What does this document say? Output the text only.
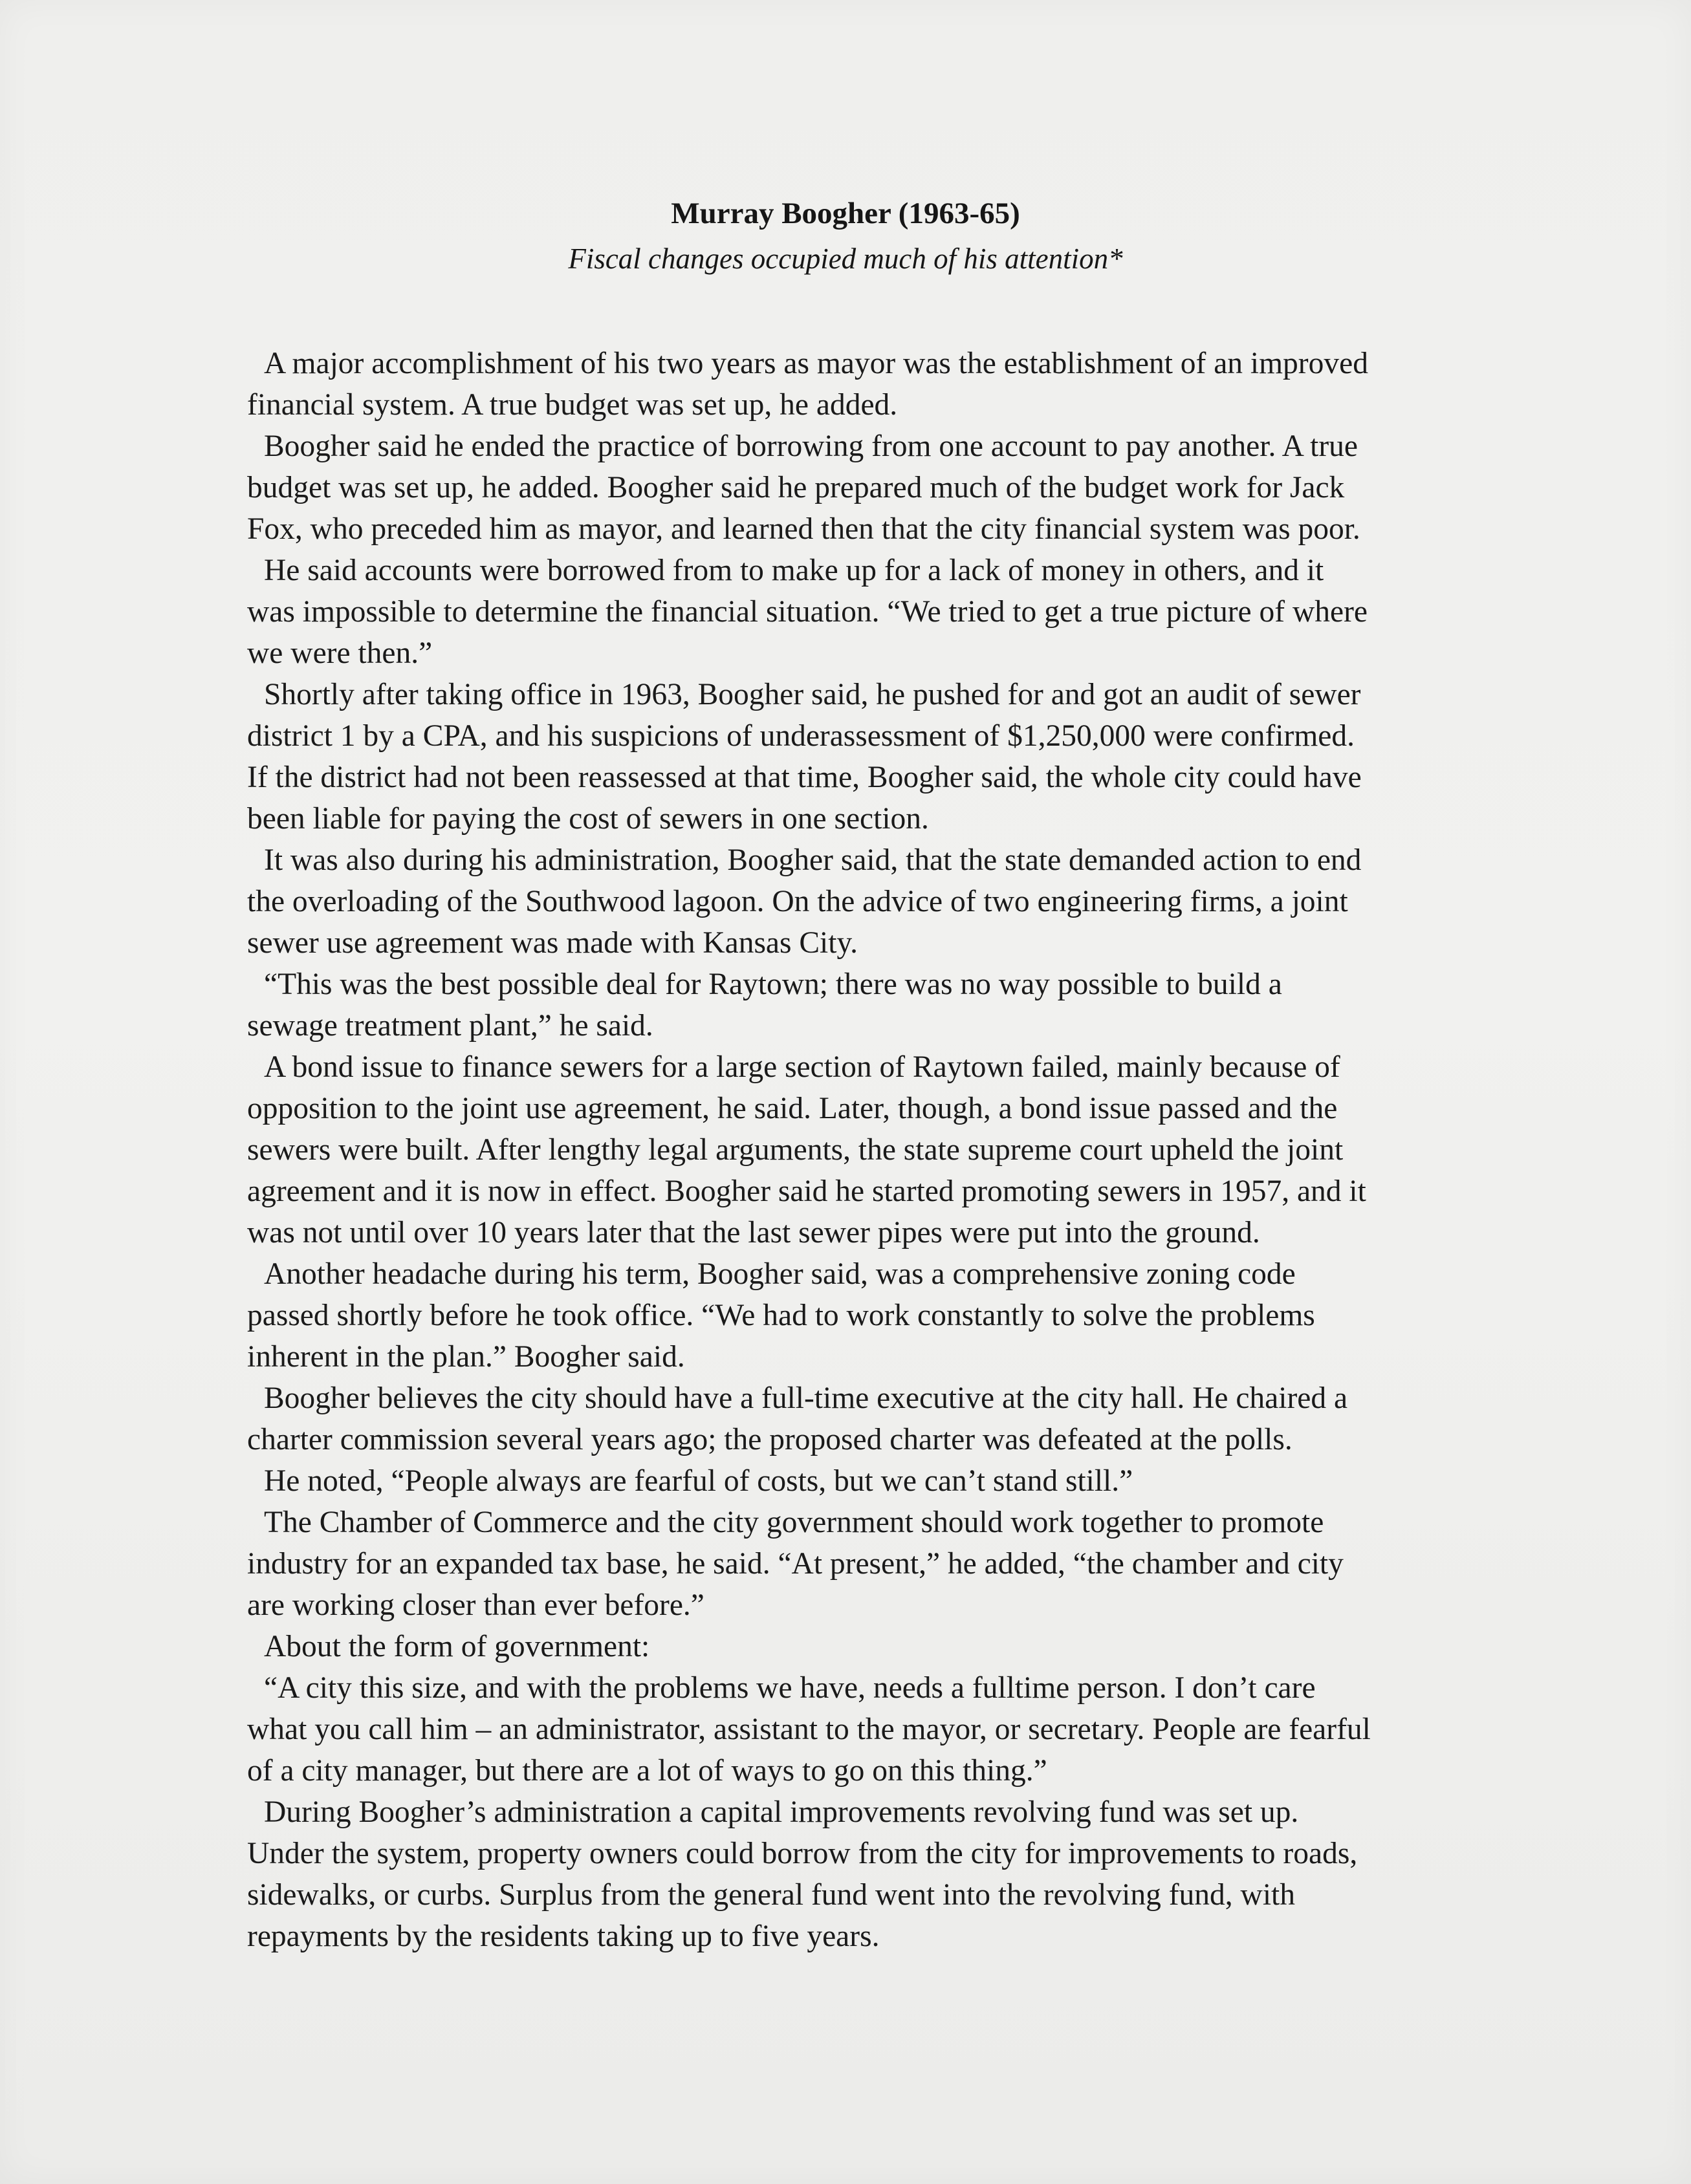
Murray Boogher (1963-65)
Fiscal changes occupied much of his attention*
A major accomplishment of his two years as mayor was the establishment of an improved
financial system. A true budget was set up, he added.
Boogher said he ended the practice of borrowing from one account to pay another. A true
budget was set up, he added. Boogher said he prepared much of the budget work for Jack
Fox, who preceded him as mayor, and learned then that the city financial system was poor.
He said accounts were borrowed from to make up for a lack of money in others, and it
was impossible to determine the financial situation. “We tried to get a true picture of where
we were then.”
Shortly after taking office in 1963, Boogher said, he pushed for and got an audit of sewer
district 1 by a CPA, and his suspicions of underassessment of $1,250,000 were confirmed.
If the district had not been reassessed at that time, Boogher said, the whole city could have
been liable for paying the cost of sewers in one section.
It was also during his administration, Boogher said, that the state demanded action to end
the overloading of the Southwood lagoon. On the advice of two engineering firms, a joint
sewer use agreement was made with Kansas City.
“This was the best possible deal for Raytown; there was no way possible to build a
sewage treatment plant,” he said.
A bond issue to finance sewers for a large section of Raytown failed, mainly because of
opposition to the joint use agreement, he said. Later, though, a bond issue passed and the
sewers were built. After lengthy legal arguments, the state supreme court upheld the joint
agreement and it is now in effect. Boogher said he started promoting sewers in 1957, and it
was not until over 10 years later that the last sewer pipes were put into the ground.
Another headache during his term, Boogher said, was a comprehensive zoning code
passed shortly before he took office. “We had to work constantly to solve the problems
inherent in the plan.” Boogher said.
Boogher believes the city should have a full-time executive at the city hall. He chaired a
charter commission several years ago; the proposed charter was defeated at the polls.
He noted, “People always are fearful of costs, but we can’t stand still.”
The Chamber of Commerce and the city government should work together to promote
industry for an expanded tax base, he said. “At present,” he added, “the chamber and city
are working closer than ever before.”
About the form of government:
“A city this size, and with the problems we have, needs a fulltime person. I don’t care
what you call him – an administrator, assistant to the mayor, or secretary. People are fearful
of a city manager, but there are a lot of ways to go on this thing.”
During Boogher’s administration a capital improvements revolving fund was set up.
Under the system, property owners could borrow from the city for improvements to roads,
sidewalks, or curbs. Surplus from the general fund went into the revolving fund, with
repayments by the residents taking up to five years.
